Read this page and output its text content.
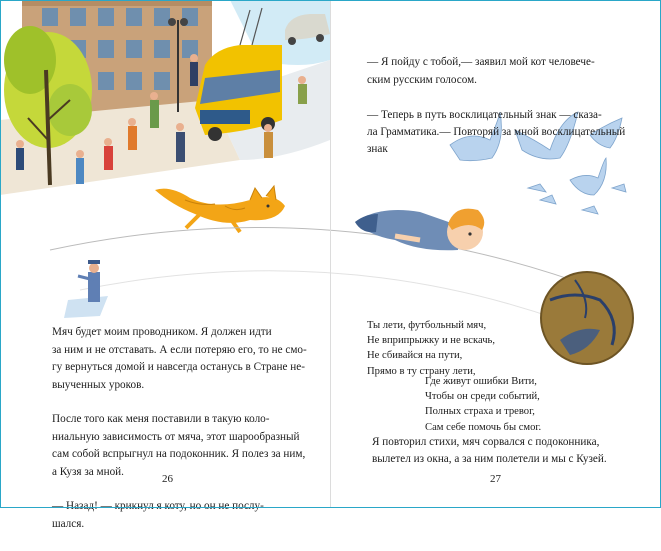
Мяч будет моим проводником. Я должен идти
за ним и не отставать. А если потеряю его, то не смо-
гу вернуться домой и навсегда останусь в Стране не-
выученных уроков.

После того как меня поставили в такую коло-
ниальную зависимость от мяча, этот шарообразный
сам собой вспрыгнул на подоконник. Я полез за ним,
а Кузя за мной.

— Назад! — крикнул я коту, но он не послу-
шался.

26

— Я пойду с тобой,— заявил мой кот человече-
ским русским голосом.

— Теперь в путь восклицательный знак — сказа-
ла Грамматика.— Повторяй за мной восклицательный
знак

Ты лети, футбольный мяч,
Не вприпрыжку и не вскачь,
Не сбивайся на пути,
Прямо в ту страну лети,
Где живут ошибки Вити,
Чтобы он среди событий,
Полных страха и тревог,
Сам себе помочь бы смог.
Я повторил стихи, мяч сорвался с подоконника,
вылетел из окна, а за ним полетели и мы с Кузей.
27
